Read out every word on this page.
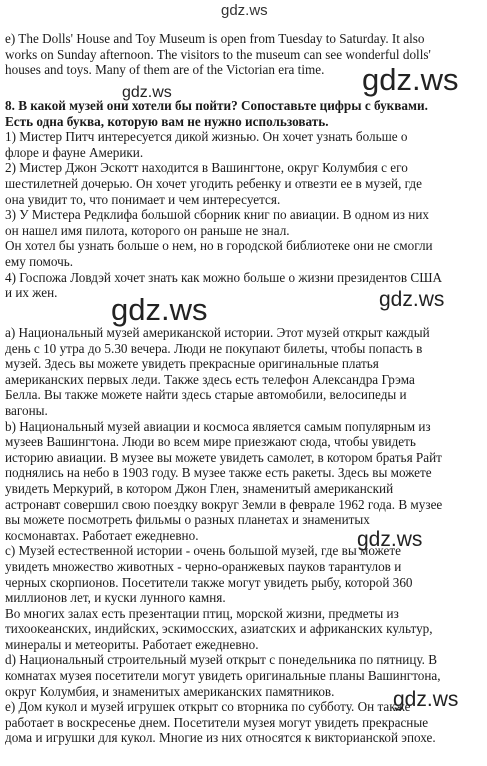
gdz.ws
e) The Dolls' House and Toy Museum is open from Tuesday to Saturday. It also
works on Sunday afternoon. The visitors to the museum can see wonderful dolls'
houses and toys. Many of them are of the Victorian era time.	gdz.ws
gdz.ws
8. В какой музей они хотели бы пойти? Сопоставьте цифры с буквами.
Есть одна буква, которую вам не нужно использовать.
1) Мистер Питч интересуется дикой жизнью. Он хочет узнать больше о
флоре и фауне Америки.
2) Мистер Джон Эскотт находится в Вашингтоне, округ Колумбия с его
шестилетней дочерью. Он хочет угодить ребенку и отвезти ее в музей, где
она увидит то, что понимает и чем интересуется.
3) У Мистера Редклифа большой сборник книг по авиации. В одном из них
он нашел имя пилота, которого он раньше не знал.
Он хотел бы узнать больше о нем, но в городской библиотеке они не смогли
ему помочь.
4) Госпожа Ловдэй хочет знать как можно больше о жизни президентов США
и их жен.	gdz.ws	gdz.ws
а) Национальный музей американской истории. Этот музей открыт каждый
день с 10 утра до 5.30 вечера. Люди не покупают билеты, чтобы попасть в
музей. Здесь вы можете увидеть прекрасные оригинальные платья
американских первых леди. Также здесь есть телефон Александра Грэма
Белла. Вы также можете найти здесь старые автомобили, велосипеды и
вагоны.
b) Национальный музей авиации и космоса является самым популярным из
музеев Вашингтона. Люди во всем мире приезжают сюда, чтобы увидеть
историю авиации. В музее вы можете увидеть самолет, в котором братья Райт
поднялись на небо в 1903 году. В музее также есть ракеты. Здесь вы можете
увидеть Меркурий, в котором Джон Глен, знаменитый американский
астронавт совершил свою поездку вокруг Земли в феврале 1962 года. В музее
вы можете посмотреть фильмы о разных планетах и знаменитых
космонавтах. Работает ежедневно.
c) Музей естественной истории - очень большой музей, где вы можете
увидеть множество животных - черно-оранжевых пауков тарантулов и
черных скорпионов. Посетители также могут увидеть рыбу, которой 360
миллионов лет, и куски лунного камня.
Во многих залах есть презентации птиц, морской жизни, предметы из
тихоокеанских, индийских, эскимосских, азиатских и африканских культур,
минералы и метеориты. Работает ежедневно.
d) Национальный строительный музей открыт с понедельника по пятницу. В
комнатах музея посетители могут увидеть оригинальные планы Вашингтона,
округ Колумбия, и знаменитых американских памятников.
е) Дом кукол и музей игрушек открыт со вторника по субботу. Он также
работает в воскресенье днем. Посетители музея могут увидеть прекрасные
дома и игрушки для кукол. Многие из них относятся к викторианской эпохе.
gdz.ws
gdz.ws
